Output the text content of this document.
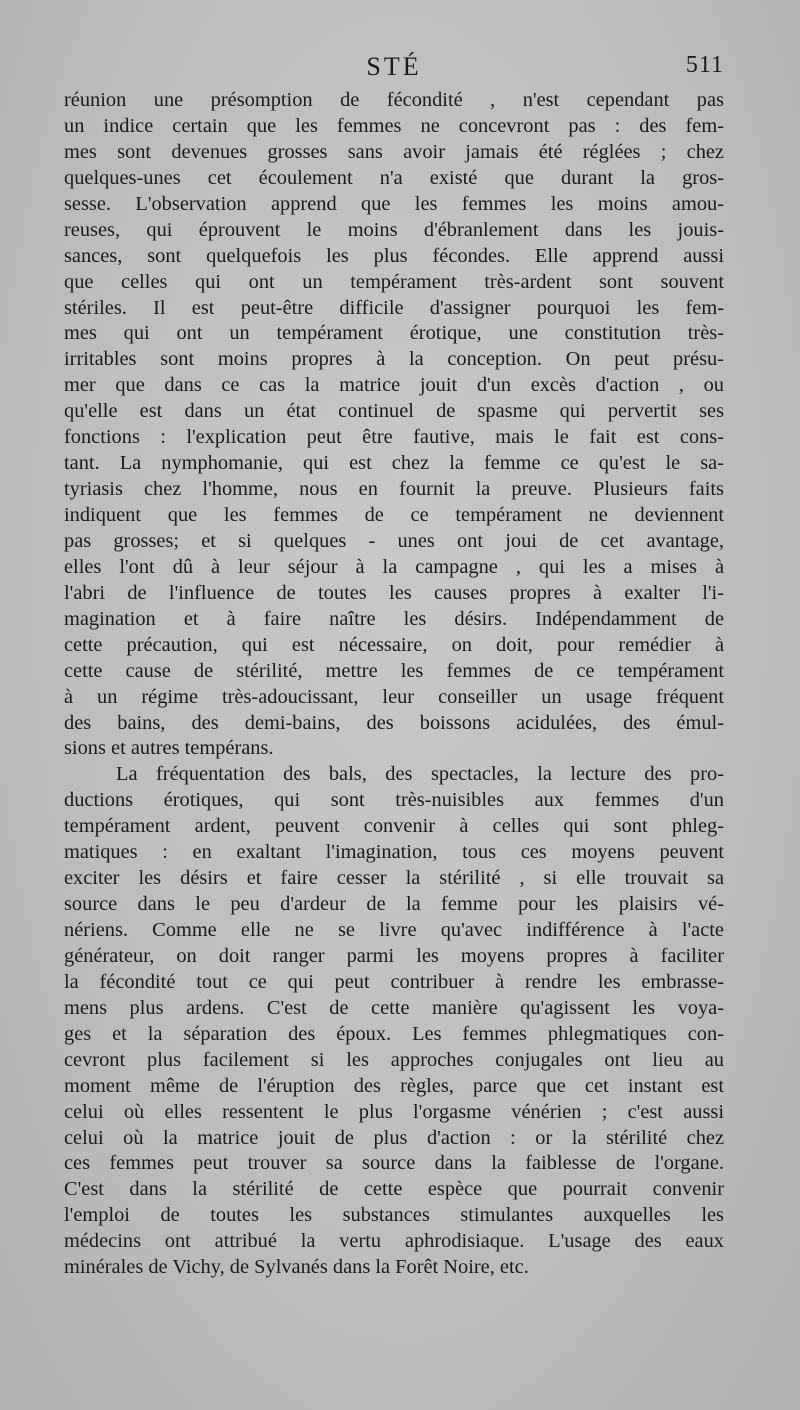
STÉ	511
réunion une présomption de fécondité , n'est cependant pas
un indice certain que les femmes ne concevront pas : des fem-
mes sont devenues grosses sans avoir jamais été réglées ; chez
quelques-unes cet écoulement n'a existé que durant la gros-
sesse. L'observation apprend que les femmes les moins amou-
reuses, qui éprouvent le moins d'ébranlement dans les jouis-
sances, sont quelquefois les plus fécondes. Elle apprend aussi
que celles qui ont un tempérament très-ardent sont souvent
stériles. Il est peut-être difficile d'assigner pourquoi les fem-
mes qui ont un tempérament érotique, une constitution très-
irritables sont moins propres à la conception. On peut présu-
mer que dans ce cas la matrice jouit d'un excès d'action , ou
qu'elle est dans un état continuel de spasme qui pervertit ses
fonctions : l'explication peut être fautive, mais le fait est cons-
tant. La nymphomanie, qui est chez la femme ce qu'est le sa-
tyriasis chez l'homme, nous en fournit la preuve. Plusieurs faits
indiquent que les femmes de ce tempérament ne deviennent
pas grosses; et si quelques - unes ont joui de cet avantage,
elles l'ont dû à leur séjour à la campagne , qui les a mises à
l'abri de l'influence de toutes les causes propres à exalter l'i-
magination et à faire naître les désirs. Indépendamment de
cette précaution, qui est nécessaire, on doit, pour remédier à
cette cause de stérilité, mettre les femmes de ce tempérament
à un régime très-adoucissant, leur conseiller un usage fréquent
des bains, des demi-bains, des boissons acidulées, des émul-
sions et autres tempérans.
La fréquentation des bals, des spectacles, la lecture des pro-
ductions érotiques, qui sont très-nuisibles aux femmes d'un
tempérament ardent, peuvent convenir à celles qui sont phleg-
matiques : en exaltant l'imagination, tous ces moyens peuvent
exciter les désirs et faire cesser la stérilité , si elle trouvait sa
source dans le peu d'ardeur de la femme pour les plaisirs vé-
nériens. Comme elle ne se livre qu'avec indifférence à l'acte
générateur, on doit ranger parmi les moyens propres à faciliter
la fécondité tout ce qui peut contribuer à rendre les embrasse-
mens plus ardens. C'est de cette manière qu'agissent les voya-
ges et la séparation des époux. Les femmes phlegmatiques con-
cevront plus facilement si les approches conjugales ont lieu au
moment même de l'éruption des règles, parce que cet instant est
celui où elles ressentent le plus l'orgasme vénérien ; c'est aussi
celui où la matrice jouit de plus d'action : or la stérilité chez
ces femmes peut trouver sa source dans la faiblesse de l'organe.
C'est dans la stérilité de cette espèce que pourrait convenir
l'emploi de toutes les substances stimulantes auxquelles les
médecins ont attribué la vertu aphrodisiaque. L'usage des eaux
minérales de Vichy, de Sylvanés dans la Forêt Noire, etc.
